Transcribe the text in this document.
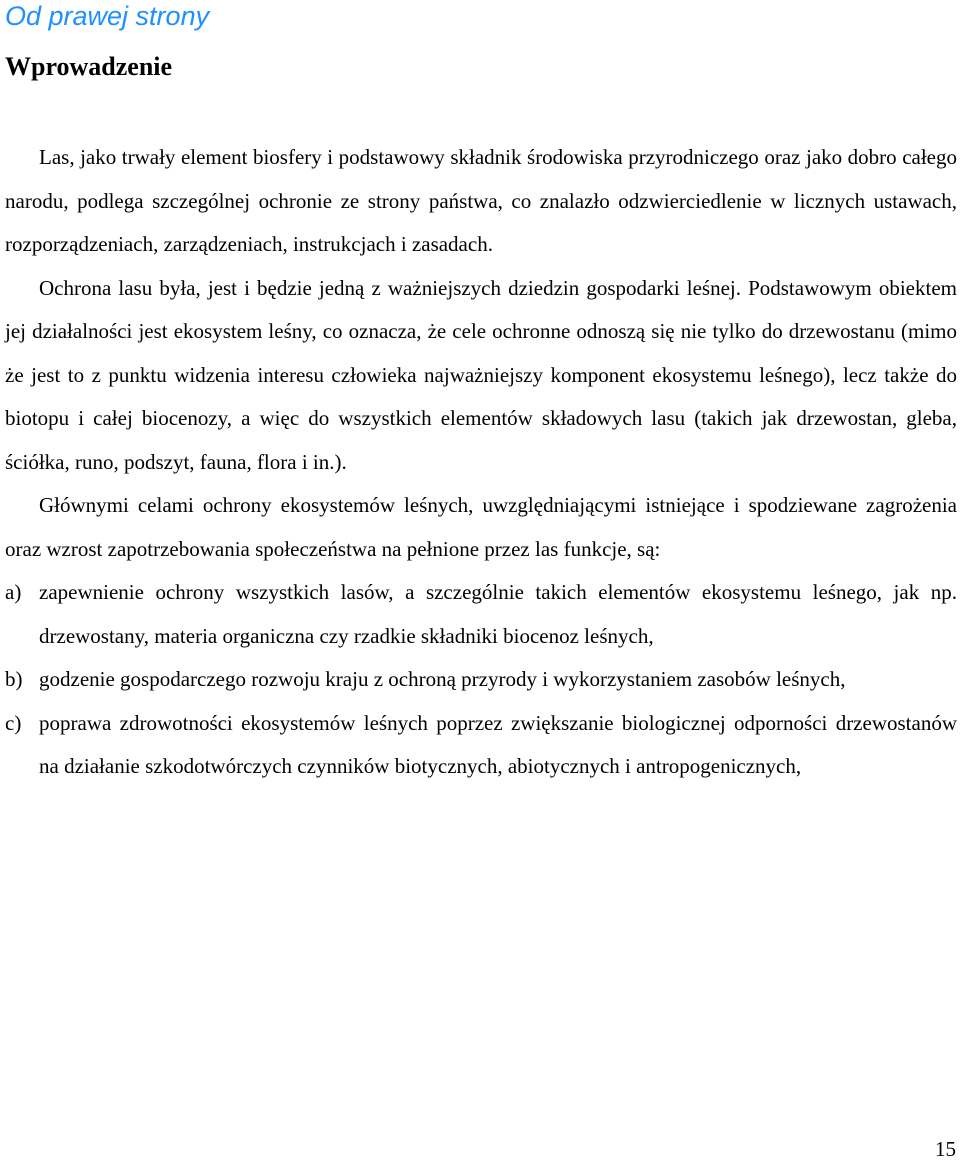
Od prawej strony
Wprowadzenie

Las, jako trwały element biosfery i podstawowy składnik środowiska przyrodniczego oraz jako dobro całego narodu, podlega szczególnej ochronie ze strony państwa, co znalazło odzwierciedlenie w licznych ustawach, rozporządzeniach, zarządzeniach, instrukcjach i zasadach.

Ochrona lasu była, jest i będzie jedną z ważniejszych dziedzin gospodarki leśnej. Podstawowym obiektem jej działalności jest ekosystem leśny, co oznacza, że cele ochronne odnoszą się nie tylko do drzewostanu (mimo że jest to z punktu widzenia interesu człowieka najważniejszy komponent ekosystemu leśnego), lecz także do biotopu i całej biocenozy, a więc do wszystkich elementów składowych lasu (takich jak drzewostan, gleba, ściółka, runo, podszyt, fauna, flora i in.).

Głównymi celami ochrony ekosystemów leśnych, uwzględniającymi istniejące i spodziewane zagrożenia oraz wzrost zapotrzebowania społeczeństwa na pełnione przez las funkcje, są:

a) zapewnienie ochrony wszystkich lasów, a szczególnie takich elementów ekosystemu leśnego, jak np. drzewostany, materia organiczna czy rzadkie składniki biocenoz leśnych,
b) godzenie gospodarczego rozwoju kraju z ochroną przyrody i wykorzystaniem zasobów leśnych,
c) poprawa zdrowotności ekosystemów leśnych poprzez zwiększanie biologicznej odporności drzewostanów na działanie szkodotwórczych czynników biotycznych, abiotycznych i antropogenicznych,
15
